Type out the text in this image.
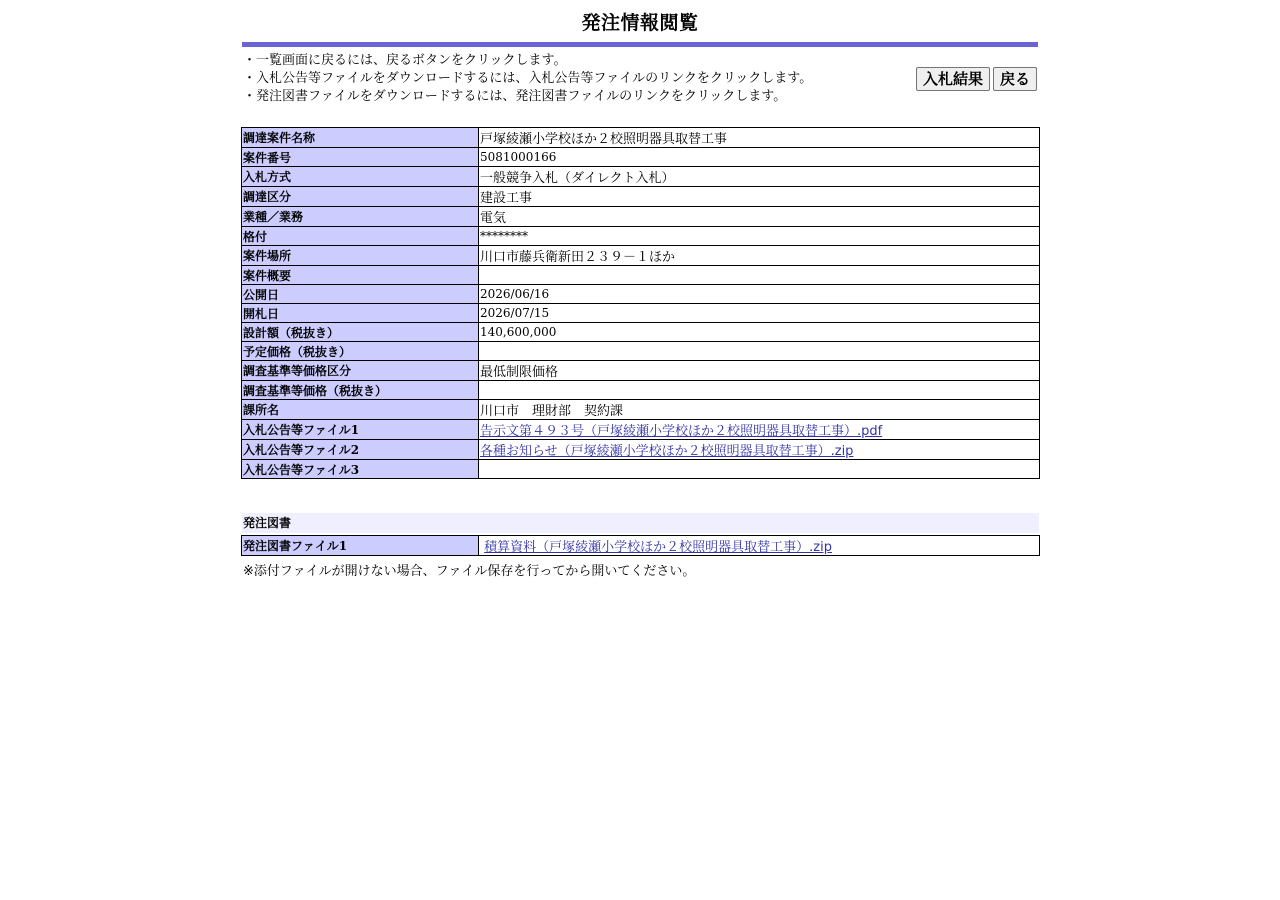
発注情報閲覧
・一覧画面に戻るには、戻るボタンをクリックします。
・入札公告等ファイルをダウンロードするには、入札公告等ファイルのリンクをクリックします。
・発注図書ファイルをダウンロードするには、発注図書ファイルのリンクをクリックします。
入札結果	戻る
調達案件名称	戸塚綾瀬小学校ほか２校照明器具取替工事
案件番号	5081000166
入札方式	一般競争入札（ダイレクト入札）
調達区分	建設工事
業種／業務	電気
格付	********
案件場所	川口市藤兵衛新田２３９－１ほか
案件概要	
公開日	2026/06/16
開札日	2026/07/15
設計額（税抜き）	140,600,000
予定価格（税抜き）	
調査基準等価格区分	最低制限価格
調査基準等価格（税抜き）	
課所名	川口市　理財部　契約課
入札公告等ファイル1	告示文第４９３号（戸塚綾瀬小学校ほか２校照明器具取替工事）.pdf
入札公告等ファイル2	各種お知らせ（戸塚綾瀬小学校ほか２校照明器具取替工事）.zip
入札公告等ファイル3	
発注図書
発注図書ファイル1	積算資料（戸塚綾瀬小学校ほか２校照明器具取替工事）.zip
※添付ファイルが開けない場合、ファイル保存を行ってから開いてください。
